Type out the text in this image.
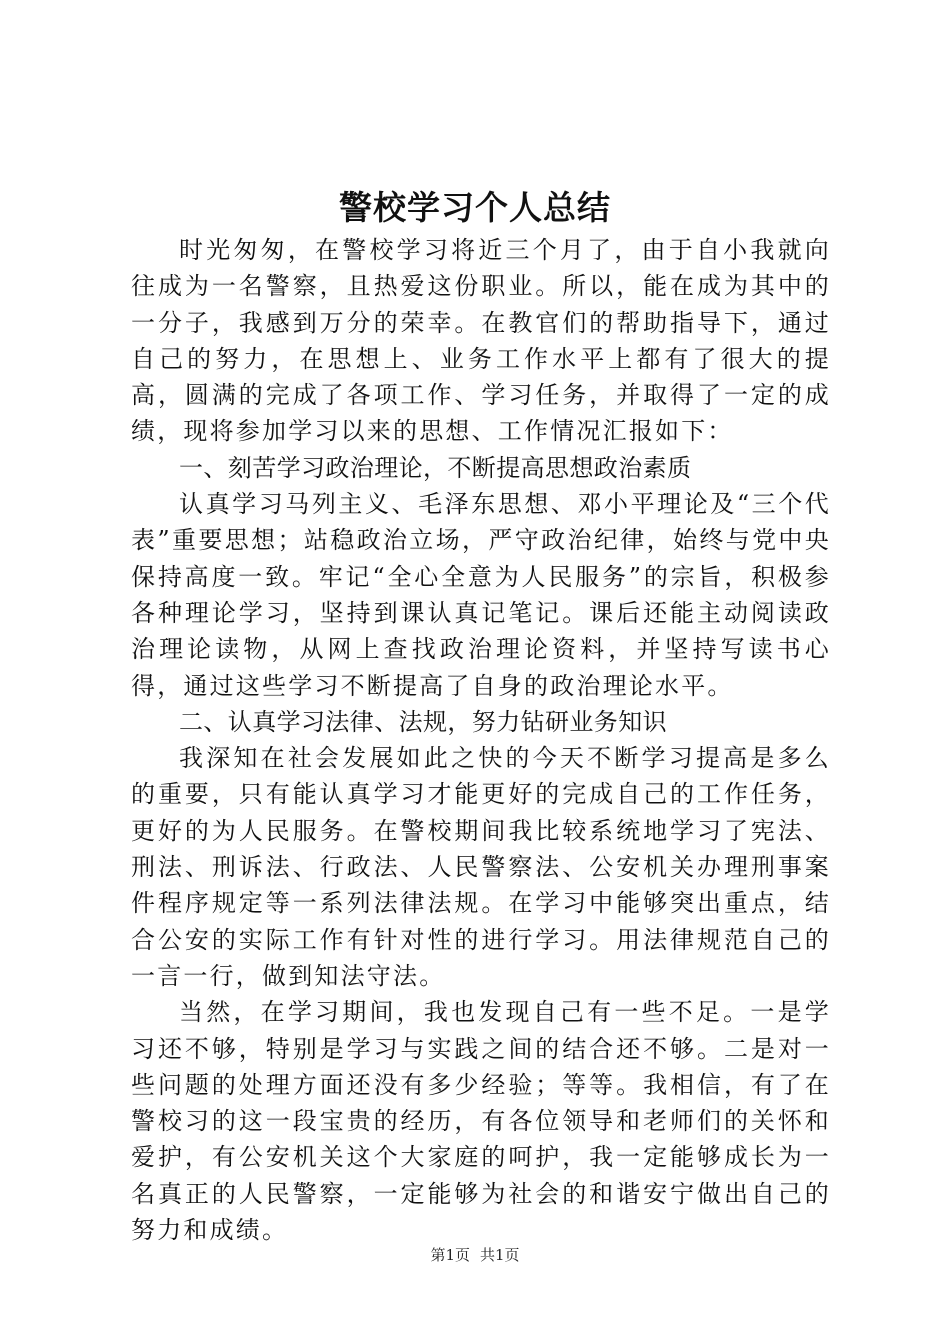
警校学习个人总结

时光匆匆，在警校学习将近三个月了，由于自小我就向往成为一名警察，且热爱这份职业。所以，能在成为其中的一分子，我感到万分的荣幸。在教官们的帮助指导下，通过自己的努力，在思想上、业务工作水平上都有了很大的提高，圆满的完成了各项工作、学习任务，并取得了一定的成绩，现将参加学习以来的思想、工作情况汇报如下：

一、刻苦学习政治理论，不断提高思想政治素质

认真学习马列主义、毛泽东思想、邓小平理论及“三个代表”重要思想；站稳政治立场，严守政治纪律，始终与党中央保持高度一致。牢记“全心全意为人民服务”的宗旨，积极参各种理论学习，坚持到课认真记笔记。课后还能主动阅读政治理论读物，从网上查找政治理论资料，并坚持写读书心得，通过这些学习不断提高了自身的政治理论水平。

二、认真学习法律、法规，努力钻研业务知识

我深知在社会发展如此之快的今天不断学习提高是多么的重要，只有能认真学习才能更好的完成自己的工作任务，更好的为人民服务。在警校期间我比较系统地学习了宪法、刑法、刑诉法、行政法、人民警察法、公安机关办理刑事案件程序规定等一系列法律法规。在学习中能够突出重点，结合公安的实际工作有针对性的进行学习。用法律规范自己的一言一行，做到知法守法。

当然，在学习期间，我也发现自己有一些不足。一是学习还不够，特别是学习与实践之间的结合还不够。二是对一些问题的处理方面还没有多少经验；等等。我相信，有了在警校习的这一段宝贵的经历，有各位领导和老师们的关怀和爱护，有公安机关这个大家庭的呵护，我一定能够成长为一名真正的人民警察，一定能够为社会的和谐安宁做出自己的努力和成绩。

第1页 共1页
